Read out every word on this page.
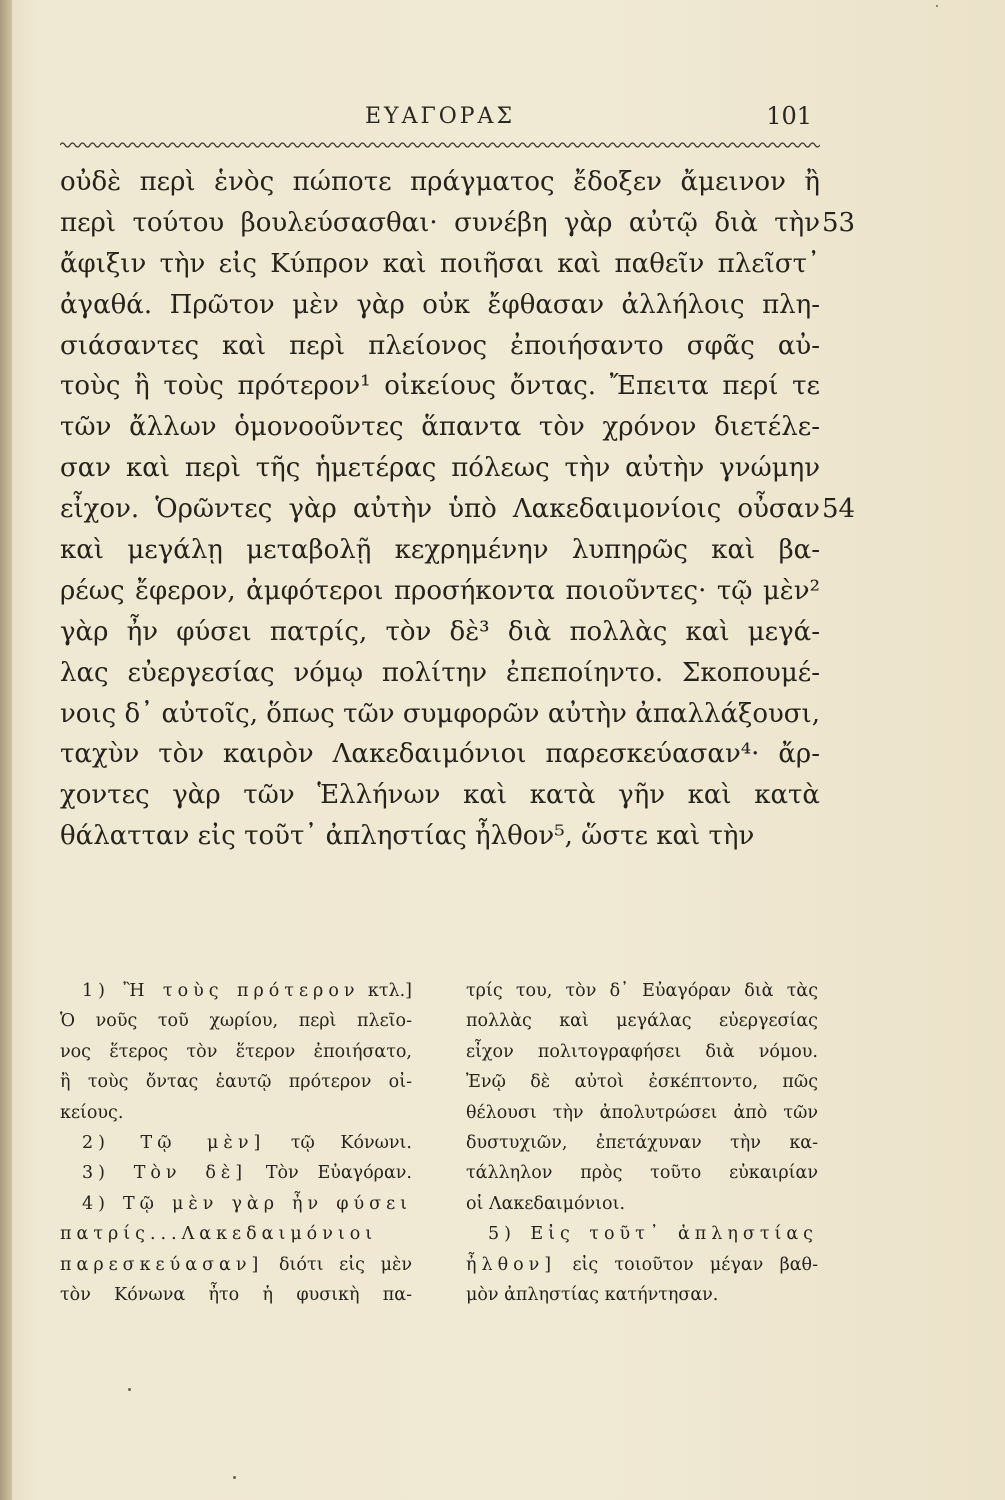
ΕΥΑΓΟΡΑΣ	101
οὐδὲ περὶ ἑνὸς πώποτε πράγματος ἔδοξεν ἄμεινον ἢ
περὶ τούτου βουλεύσασθαι· συνέβη γὰρ αὐτῷ διὰ τὴν 53
ἄφιξιν τὴν εἰς Κύπρον καὶ ποιῆσαι καὶ παθεῖν πλεῖστ᾽
ἀγαθά. Πρῶτον μὲν γὰρ οὐκ ἔφθασαν ἀλλήλοις πλη-
σιάσαντες καὶ περὶ πλείονος ἐποιήσαντο σφᾶς αὐ-
τοὺς ἢ τοὺς πρότερον¹ οἰκείους ὄντας. Ἔπειτα περί τε
τῶν ἄλλων ὁμονοοῦντες ἅπαντα τὸν χρόνον διετέλε-
σαν καὶ περὶ τῆς ἡμετέρας πόλεως τὴν αὐτὴν γνώμην
εἶχον. Ὁρῶντες γὰρ αὐτὴν ὑπὸ Λακεδαιμονίοις οὖσαν 54
καὶ μεγάλῃ μεταβολῇ κεχρημένην λυπηρῶς καὶ βα-
ρέως ἔφερον, ἀμφότεροι προσήκοντα ποιοῦντες· τῷ μὲν²
γὰρ ἦν φύσει πατρίς, τὸν δὲ³ διὰ πολλὰς καὶ μεγά-
λας εὐεργεσίας νόμῳ πολίτην ἐπεποίηντο. Σκοπουμέ-
νοις δ᾽ αὐτοῖς, ὅπως τῶν συμφορῶν αὐτὴν ἀπαλλάξουσι,
ταχὺν τὸν καιρὸν Λακεδαιμόνιοι παρεσκεύασαν⁴· ἄρ-
χοντες γὰρ τῶν Ἑλλήνων καὶ κατὰ γῆν καὶ κατὰ
θάλατταν εἰς τοῦτ᾽ ἀπληστίας ἦλθον⁵, ὥστε καὶ τὴν
1) Ἢ τοὺς πρότερον κτλ.]
Ὁ νοῦς τοῦ χωρίου, περὶ πλεῖο-
νος ἕτερος τὸν ἕτερον ἐποιήσατο,
ἢ τοὺς ὄντας ἑαυτῷ πρότερον οἰ-
κείους.
2) Τῷ μὲν] τῷ Κόνωνι.
3) Τὸν δὲ] Τὸν Εὐαγόραν.
4) Τῷ μὲν γὰρ ἦν φύσει
πατρίς...Λακεδαιμόνιοι
παρεσκεύασαν] διότι εἰς μὲν
τὸν Κόνωνα ἦτο ἡ φυσικὴ πα-
τρίς του, τὸν δ᾽ Εὐαγόραν διὰ τὰς
πολλὰς καὶ μεγάλας εὐεργεσίας
εἶχον πολιτογραφήσει διὰ νόμου.
Ἐνῷ δὲ αὐτοὶ ἐσκέπτοντο, πῶς
θέλουσι τὴν ἀπολυτρώσει ἀπὸ τῶν
δυστυχιῶν, ἐπετάχυναν τὴν κα-
τάλληλον πρὸς τοῦτο εὐκαιρίαν
οἱ Λακεδαιμόνιοι.
5) Εἰς τοῦτ᾽ ἀπληστίας
ἦλθον] εἰς τοιοῦτον μέγαν βαθ-
μὸν ἀπληστίας κατήντησαν.
